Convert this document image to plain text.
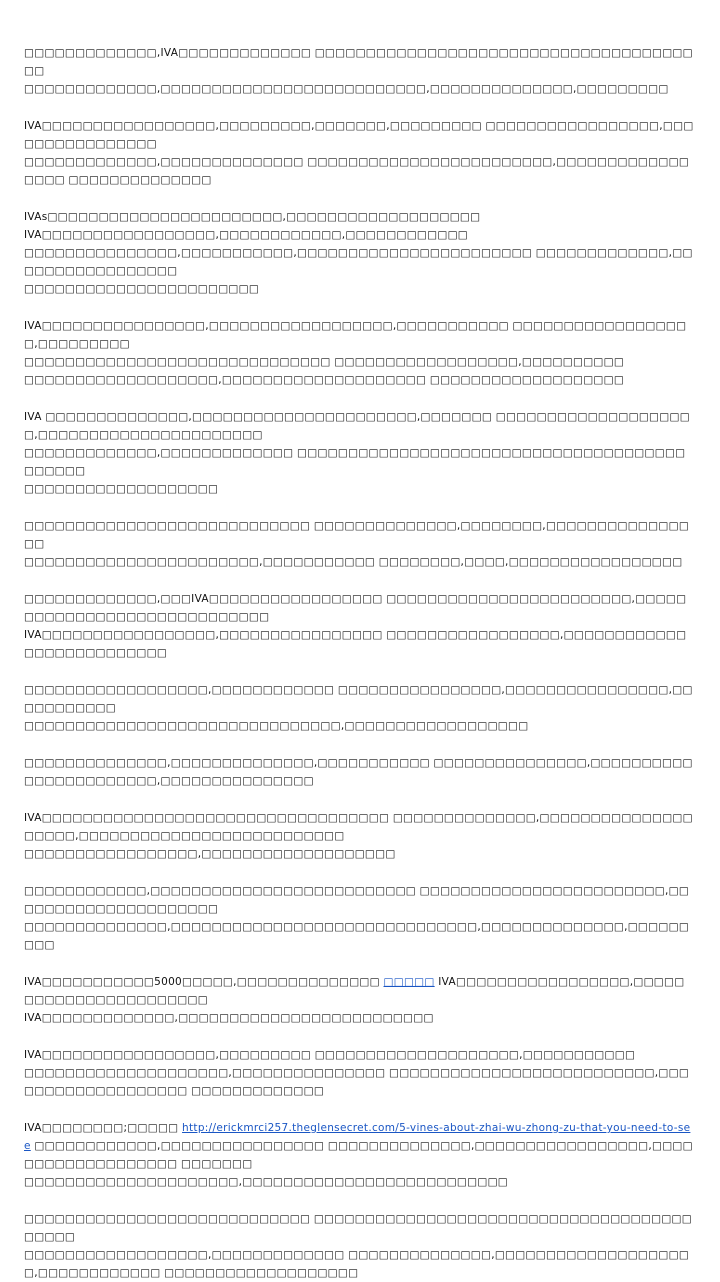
□□□□□□□□□□□□□,IVA□□□□□□□□□□□□□ □□□□□□□□□□□□□□□□□□□□□□□□□□□□□□□□□□□□□□□
□□□□□□□□□□□□□,□□□□□□□□□□□□□□□□□□□□□□□□□□,□□□□□□□□□□□□□□,□□□□□□□□□

IVA□□□□□□□□□□□□□□□□□,□□□□□□□□□,□□□□□□□,□□□□□□□□□ □□□□□□□□□□□□□□□□□,□□□□□□□□□□□□□□□□
□□□□□□□□□□□□□,□□□□□□□□□□□□□□ □□□□□□□□□□□□□□□□□□□□□□□□,□□□□□□□□□□□□□□□□□ □□□□□□□□□□□□□□

IVAs□□□□□□□□□□□□□□□□□□□□□□□,□□□□□□□□□□□□□□□□□□□
IVA□□□□□□□□□□□□□□□□□,□□□□□□□□□□□□,□□□□□□□□□□□□
□□□□□□□□□□□□□□□,□□□□□□□□□□□,□□□□□□□□□□□□□□□□□□□□□□□ □□□□□□□□□□□□□,□□□□□□□□□□□□□□□□□
□□□□□□□□□□□□□□□□□□□□□□□

IVA□□□□□□□□□□□□□□□□,□□□□□□□□□□□□□□□□□□,□□□□□□□□□□□ □□□□□□□□□□□□□□□□□□,□□□□□□□□□
□□□□□□□□□□□□□□□□□□□□□□□□□□□□□□ □□□□□□□□□□□□□□□□□□,□□□□□□□□□□
□□□□□□□□□□□□□□□□□□□,□□□□□□□□□□□□□□□□□□□□ □□□□□□□□□□□□□□□□□□□

IVA □□□□□□□□□□□□□□,□□□□□□□□□□□□□□□□□□□□□□,□□□□□□□ □□□□□□□□□□□□□□□□□□□□,□□□□□□□□□□□□□□□□□□□□□□
□□□□□□□□□□□□□,□□□□□□□□□□□□□ □□□□□□□□□□□□□□□□□□□□□□□□□□□□□□□□□□□□□□□□□□□□
□□□□□□□□□□□□□□□□□□□

□□□□□□□□□□□□□□□□□□□□□□□□□□□□ □□□□□□□□□□□□□□,□□□□□□□□,□□□□□□□□□□□□□□□□
□□□□□□□□□□□□□□□□□□□□□□□,□□□□□□□□□□□ □□□□□□□□,□□□□,□□□□□□□□□□□□□□□□□

□□□□□□□□□□□□□,□□□IVA□□□□□□□□□□□□□□□□□ □□□□□□□□□□□□□□□□□□□□□□□□,□□□□□□□□□□□□□□□□□□□□□□□□□□□□□
IVA□□□□□□□□□□□□□□□□□,□□□□□□□□□□□□□□□□ □□□□□□□□□□□□□□□□□,□□□□□□□□□□□□□□□□□□□□□□□□□□

□□□□□□□□□□□□□□□□□□,□□□□□□□□□□□□ □□□□□□□□□□□□□□□□,□□□□□□□□□□□□□□□□,□□□□□□□□□□□
□□□□□□□□□□□□□□□□□□□□□□□□□□□□□□□,□□□□□□□□□□□□□□□□□□

□□□□□□□□□□□□□□,□□□□□□□□□□□□□□,□□□□□□□□□□□ □□□□□□□□□□□□□□□,□□□□□□□□□□□□□□□□□□□□□□□,□□□□□□□□□□□□□□□

IVA□□□□□□□□□□□□□□□□□□□□□□□□□□□□□□□□□□ □□□□□□□□□□□□□□,□□□□□□□□□□□□□□□□□□□□,□□□□□□□□□□□□□□□□□□□□□□□□□□
□□□□□□□□□□□□□□□□□,□□□□□□□□□□□□□□□□□□□

□□□□□□□□□□□□,□□□□□□□□□□□□□□□□□□□□□□□□□□ □□□□□□□□□□□□□□□□□□□□□□□□,□□□□□□□□□□□□□□□□□□□□□
□□□□□□□□□□□□□□,□□□□□□□□□□□□□□□□□□□□□□□□□□□□□□,□□□□□□□□□□□□□□,□□□□□□□□□

IVA□□□□□□□□□□□5000□□□□□,□□□□□□□□□□□□□□ □□□□□ IVA□□□□□□□□□□□□□□□□□,□□□□□□□□□□□□□□□□□□□□□□□
IVA□□□□□□□□□□□□□,□□□□□□□□□□□□□□□□□□□□□□□□□

IVA□□□□□□□□□□□□□□□□□,□□□□□□□□□ □□□□□□□□□□□□□□□□□□□□,□□□□□□□□□□□
□□□□□□□□□□□□□□□□□□□□,□□□□□□□□□□□□□□□ □□□□□□□□□□□□□□□□□□□□□□□□□□,□□□□□□□□□□□□□□□□□□□ □□□□□□□□□□□□□

IVA□□□□□□□□;□□□□□ http://erickmrci257.theglensecret.com/5-vines-about-zhai-wu-zhong-zu-that-you-need-to-see □□□□□□□□□□□□,□□□□□□□□□□□□□□□□ □□□□□□□□□□□□□□,□□□□□□□□□□□□□□□□□,□□□□□□□□□□□□□□□□□□□ □□□□□□□
□□□□□□□□□□□□□□□□□□□□□,□□□□□□□□□□□□□□□□□□□□□□□□□□

□□□□□□□□□□□□□□□□□□□□□□□□□□□□ □□□□□□□□□□□□□□□□□□□□□□□□□□□□□□□□□□□□□□□□□□
□□□□□□□□□□□□□□□□□□,□□□□□□□□□□□□□ □□□□□□□□□□□□□□,□□□□□□□□□□□□□□□□□□□□,□□□□□□□□□□□□ □□□□□□□□□□□□□□□□□□□
